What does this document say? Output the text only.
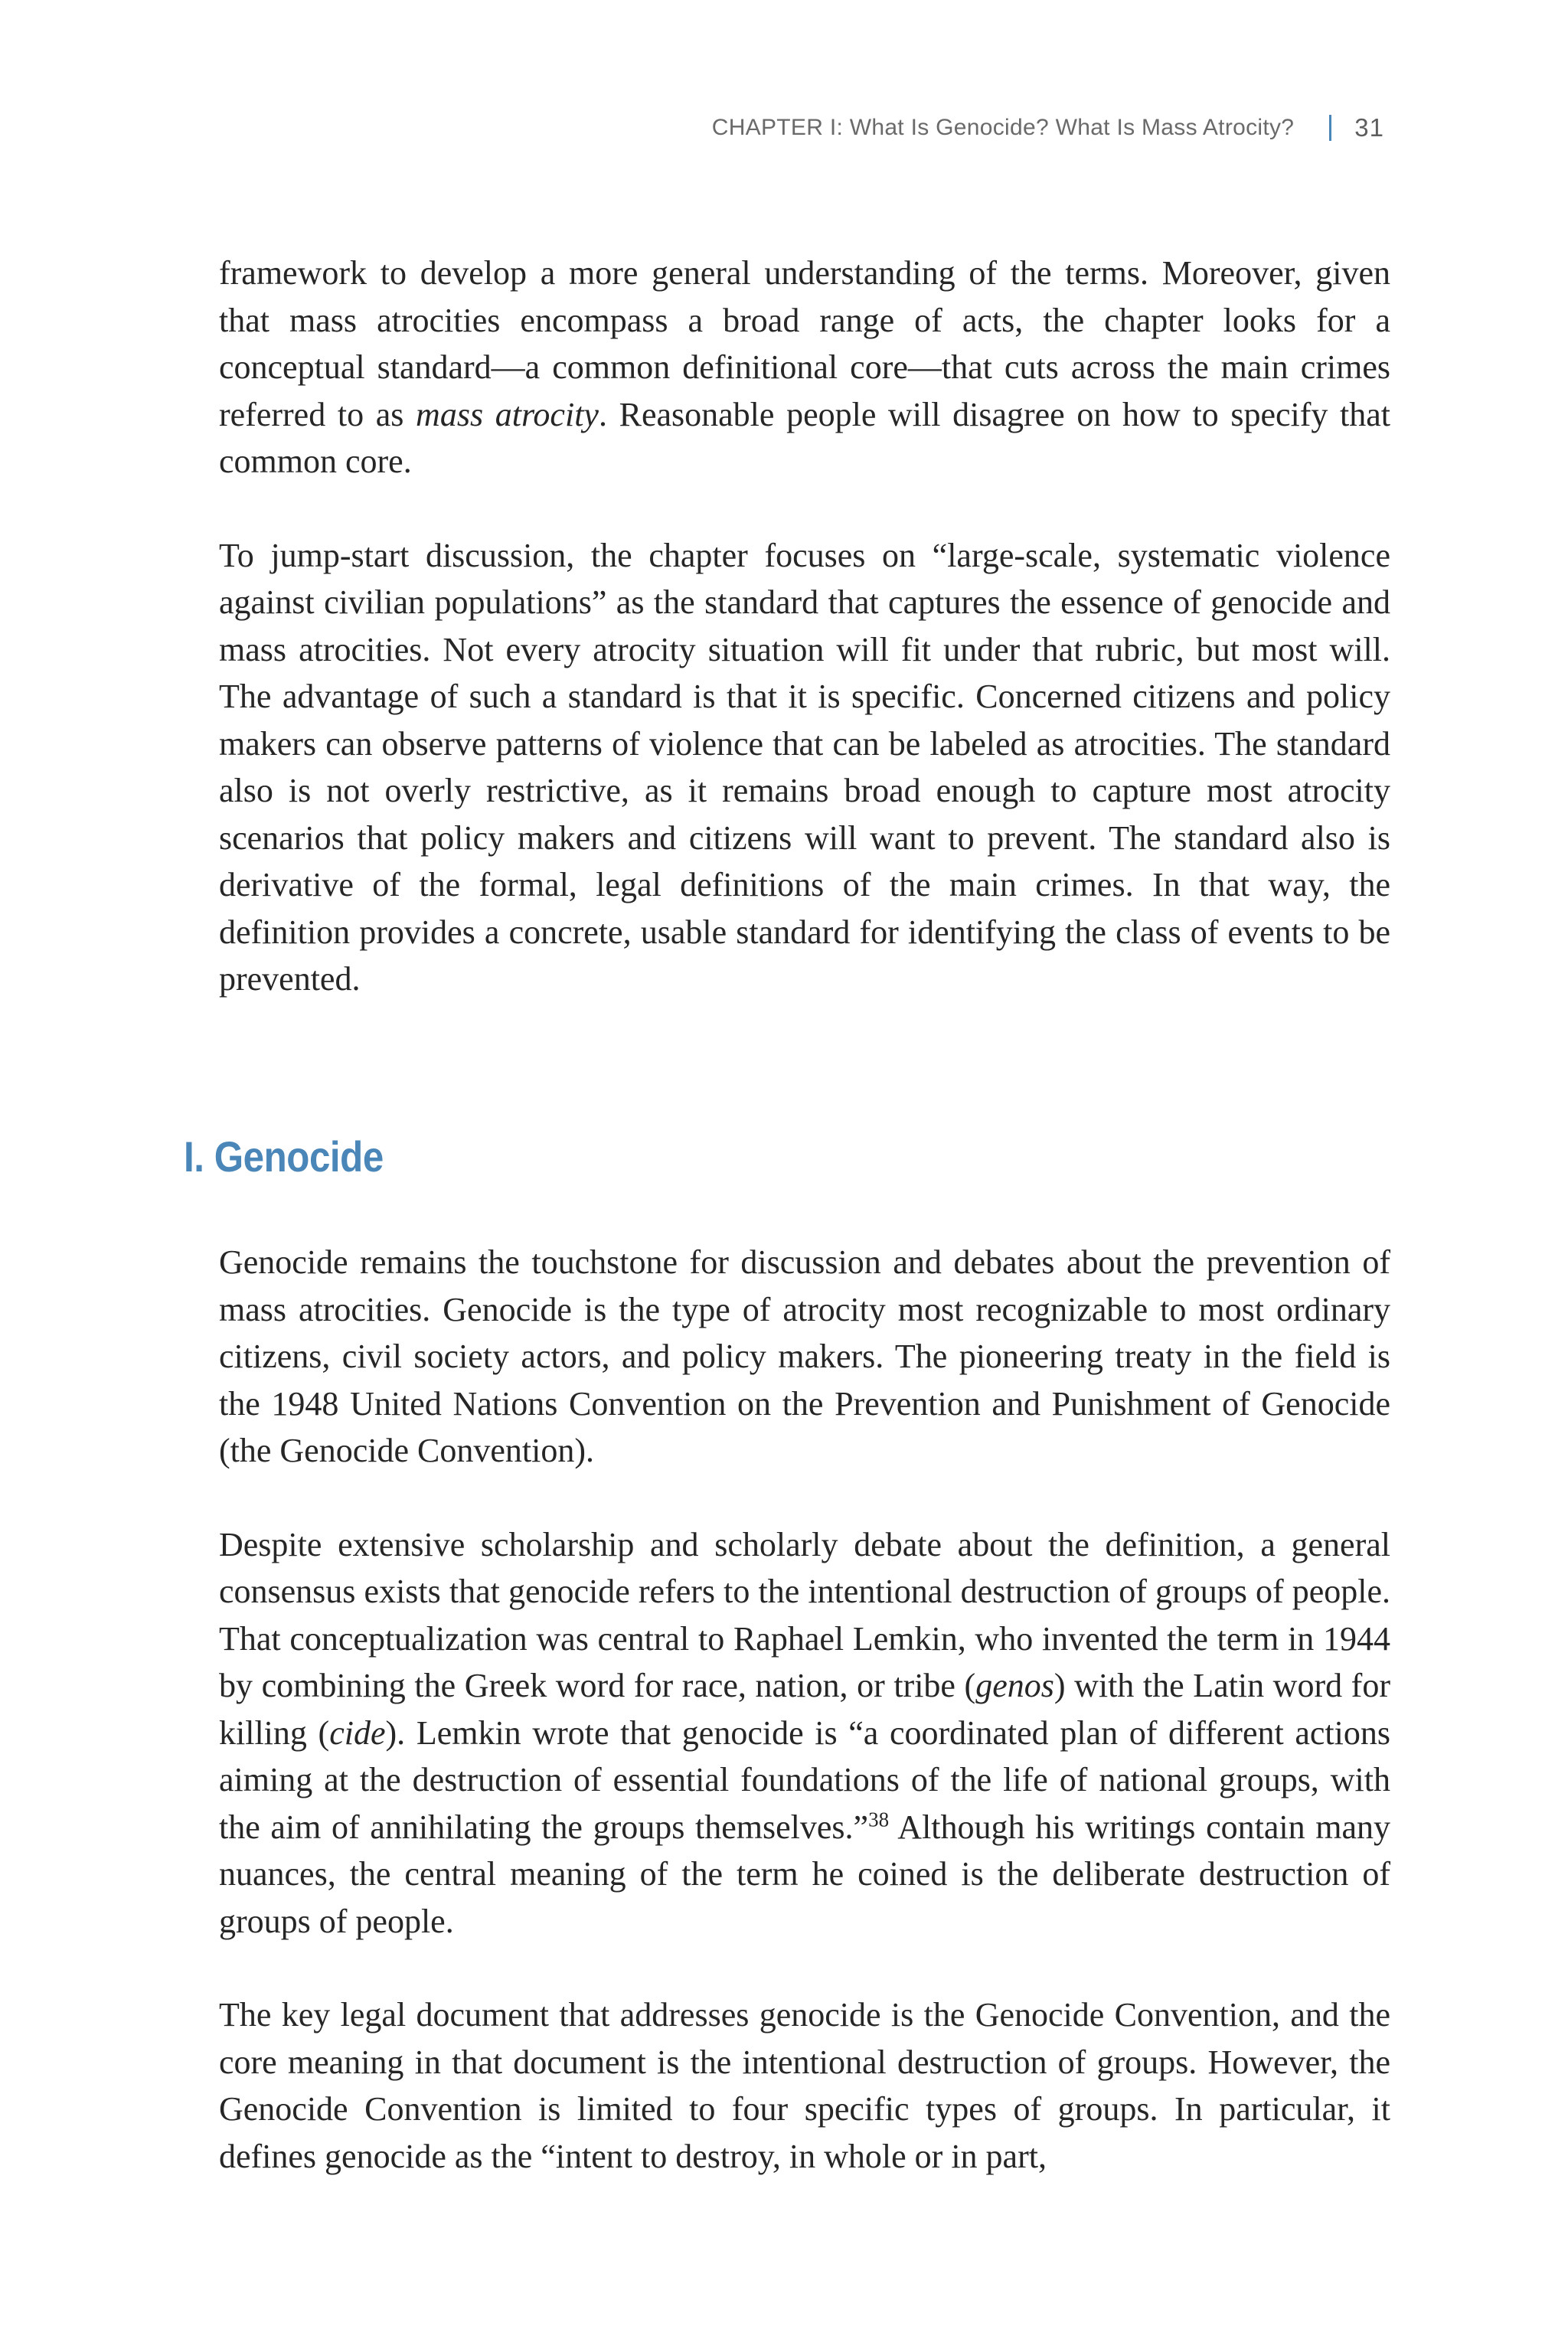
CHAPTER I: What Is Genocide? What Is Mass Atrocity? 31

framework to develop a more general understanding of the terms. Moreover, given that mass atrocities encompass a broad range of acts, the chapter looks for a conceptual standard—a common definitional core—that cuts across the main crimes referred to as mass atrocity. Reasonable people will disagree on how to specify that common core.

To jump-start discussion, the chapter focuses on “large-scale, systematic violence against civilian populations” as the standard that captures the essence of genocide and mass atrocities. Not every atrocity situation will fit under that rubric, but most will. The advantage of such a standard is that it is specific. Concerned citizens and policy makers can observe patterns of violence that can be labeled as atrocities. The standard also is not overly restrictive, as it remains broad enough to capture most atrocity scenarios that policy makers and citizens will want to prevent. The standard also is derivative of the formal, legal definitions of the main crimes. In that way, the definition provides a concrete, usable standard for identifying the class of events to be prevented.

I. Genocide

Genocide remains the touchstone for discussion and debates about the prevention of mass atrocities. Genocide is the type of atrocity most recognizable to most ordinary citizens, civil society actors, and policy makers. The pioneering treaty in the field is the 1948 United Nations Convention on the Prevention and Punishment of Genocide (the Genocide Convention).

Despite extensive scholarship and scholarly debate about the definition, a general consensus exists that genocide refers to the intentional destruction of groups of people. That conceptualization was central to Raphael Lemkin, who invented the term in 1944 by combining the Greek word for race, nation, or tribe (genos) with the Latin word for killing (cide). Lemkin wrote that genocide is “a coordinated plan of different actions aiming at the destruction of essential foundations of the life of national groups, with the aim of annihilating the groups themselves.”$^{38}$ Although his writings contain many nuances, the central meaning of the term he coined is the deliberate destruction of groups of people.

The key legal document that addresses genocide is the Genocide Convention, and the core meaning in that document is the intentional destruction of groups. However, the Genocide Convention is limited to four specific types of groups. In particular, it defines genocide as the “intent to destroy, in whole or in part,
